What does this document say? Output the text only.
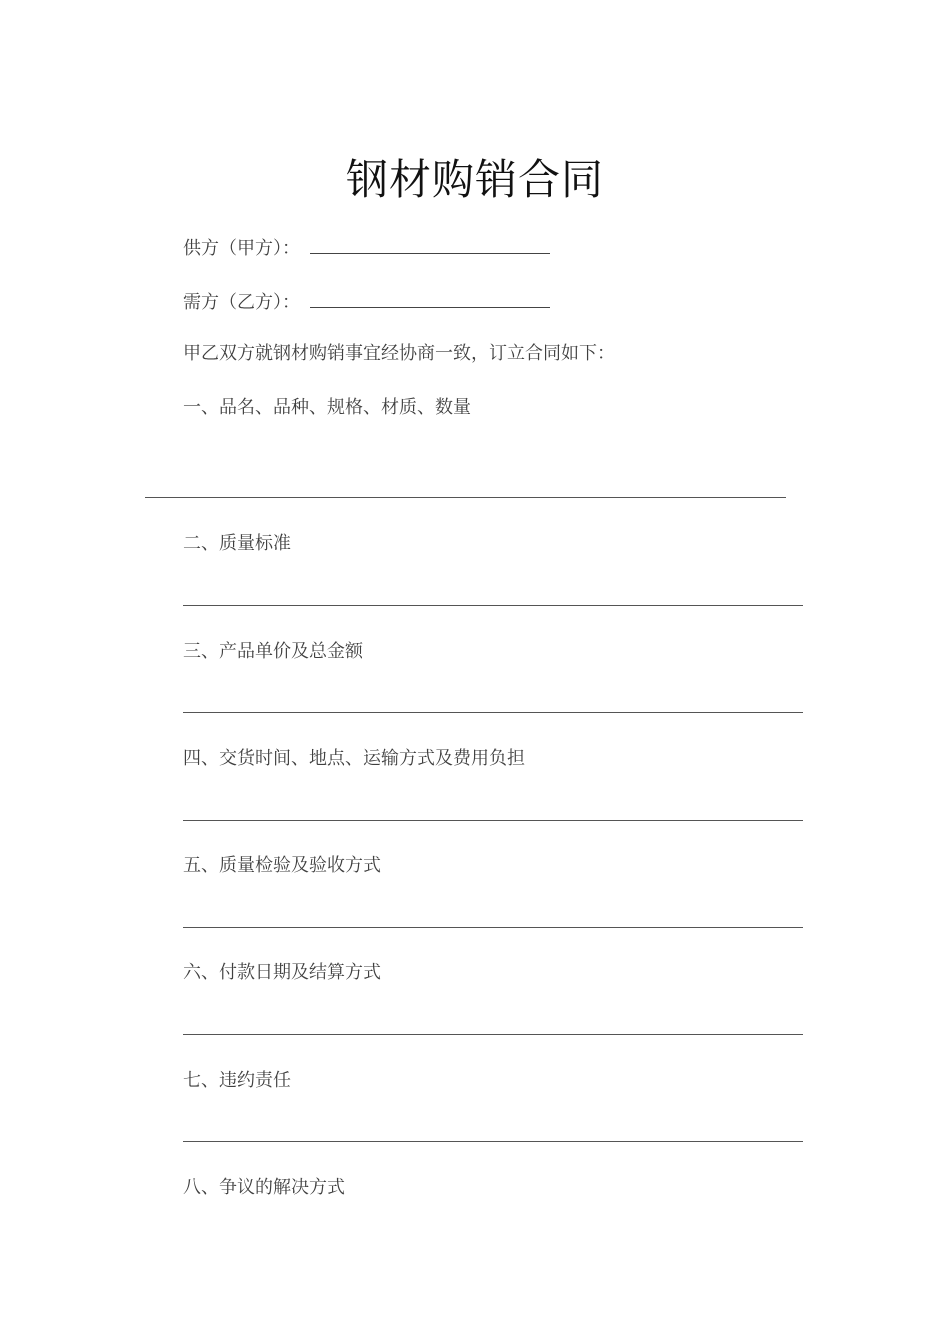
钢材购销合同
供方（甲方）：
需方（乙方）：
甲乙双方就钢材购销事宜经协商一致，订立合同如下：
一、品名、品种、规格、材质、数量
二、质量标准
三、产品单价及总金额
四、交货时间、地点、运输方式及费用负担
五、质量检验及验收方式
六、付款日期及结算方式
七、违约责任
八、争议的解决方式
